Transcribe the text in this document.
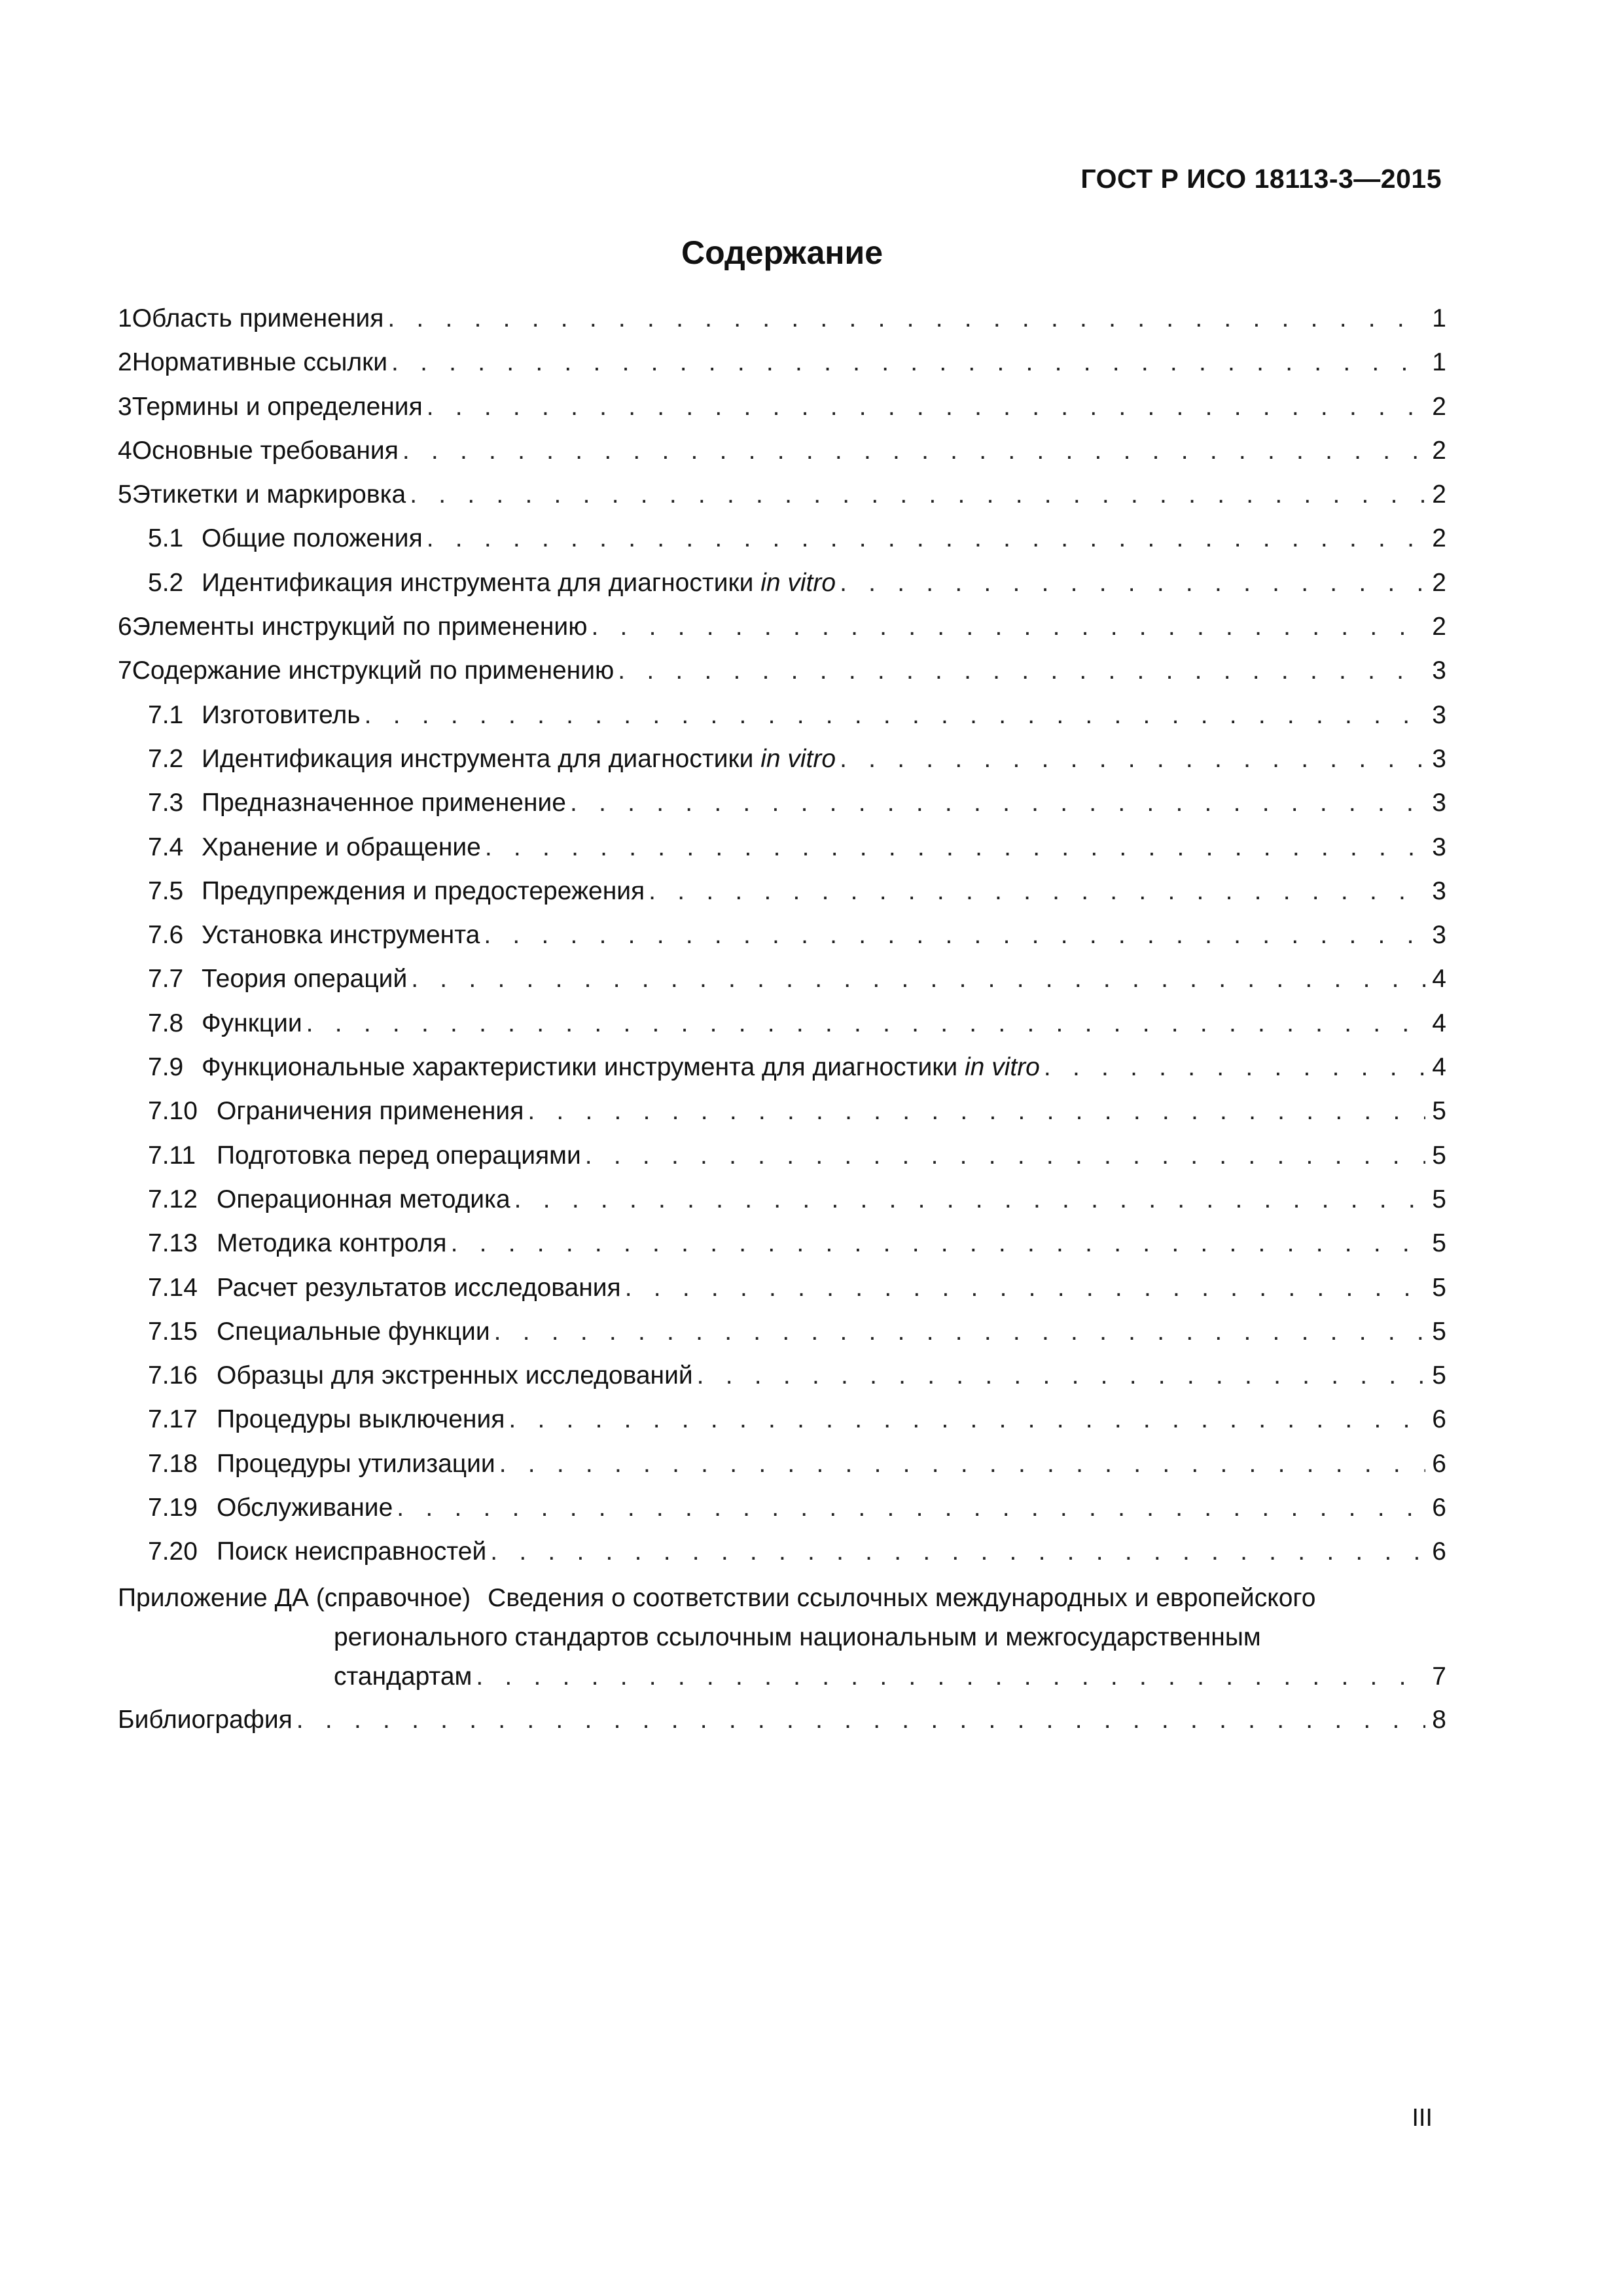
ГОСТ Р ИСО 18113-3—2015
Содержание
1 Область применения . . .	1
2 Нормативные ссылки . . .	1
3 Термины и определения . . .	2
4 Основные требования . . .	2
5 Этикетки и маркировка . . .	2
5.1 Общие положения . . .	2
5.2 Идентификация инструмента для диагностики in vitro . . .	2
6 Элементы инструкций по применению . . .	2
7 Содержание инструкций по применению . . .	3
7.1 Изготовитель . . .	3
7.2 Идентификация инструмента для диагностики in vitro . . .	3
7.3 Предназначенное применение . . .	3
7.4 Хранение и обращение . . .	3
7.5 Предупреждения и предостережения . . .	3
7.6 Установка инструмента . . .	3
7.7 Теория операций . . .	4
7.8 Функции . . .	4
7.9 Функциональные характеристики инструмента для диагностики in vitro . . .	4
7.10 Ограничения применения . . .	5
7.11 Подготовка перед операциями . . .	5
7.12 Операционная методика . . .	5
7.13 Методика контроля . . .	5
7.14 Расчет результатов исследования . . .	5
7.15 Специальные функции . . .	5
7.16 Образцы для экстренных исследований . . .	5
7.17 Процедуры выключения . . .	6
7.18 Процедуры утилизации . . .	6
7.19 Обслуживание . . .	6
7.20 Поиск неисправностей . . .	6
Приложение ДА (справочное) Сведения о соответствии ссылочных международных и европейского
регионального стандартов ссылочным национальным и межгосударственным
стандартам . . .	7
Библиография . . .	8
III
